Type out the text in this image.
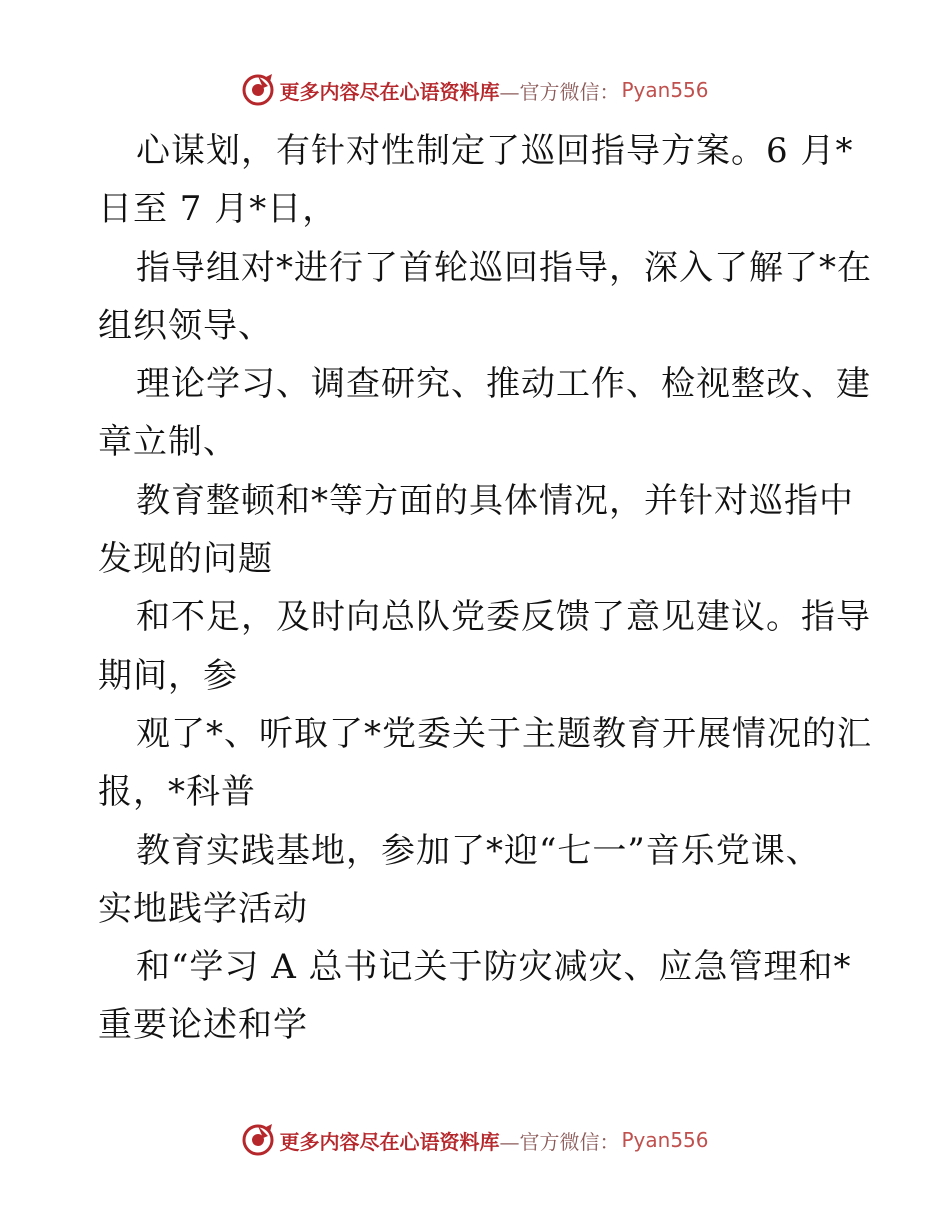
更多内容尽在心语资料库 —官方微信： Pyan556
心谋划，有针对性制定了巡回指导方案。6 月*
日至 7 月*日，
指导组对*进行了首轮巡回指导，深入了解了*在
组织领导、
理论学习、调查研究、推动工作、检视整改、建
章立制、
教育整顿和*等方面的具体情况，并针对巡指中
发现的问题
和不足，及时向总队党委反馈了意见建议。指导
期间，参
观了*、听取了*党委关于主题教育开展情况的汇
报，*科普
教育实践基地，参加了*迎“七一”音乐党课、
实地践学活动
和“学习 A 总书记关于防灾减灾、应急管理和*
重要论述和学
更多内容尽在心语资料库 —官方微信： Pyan556
